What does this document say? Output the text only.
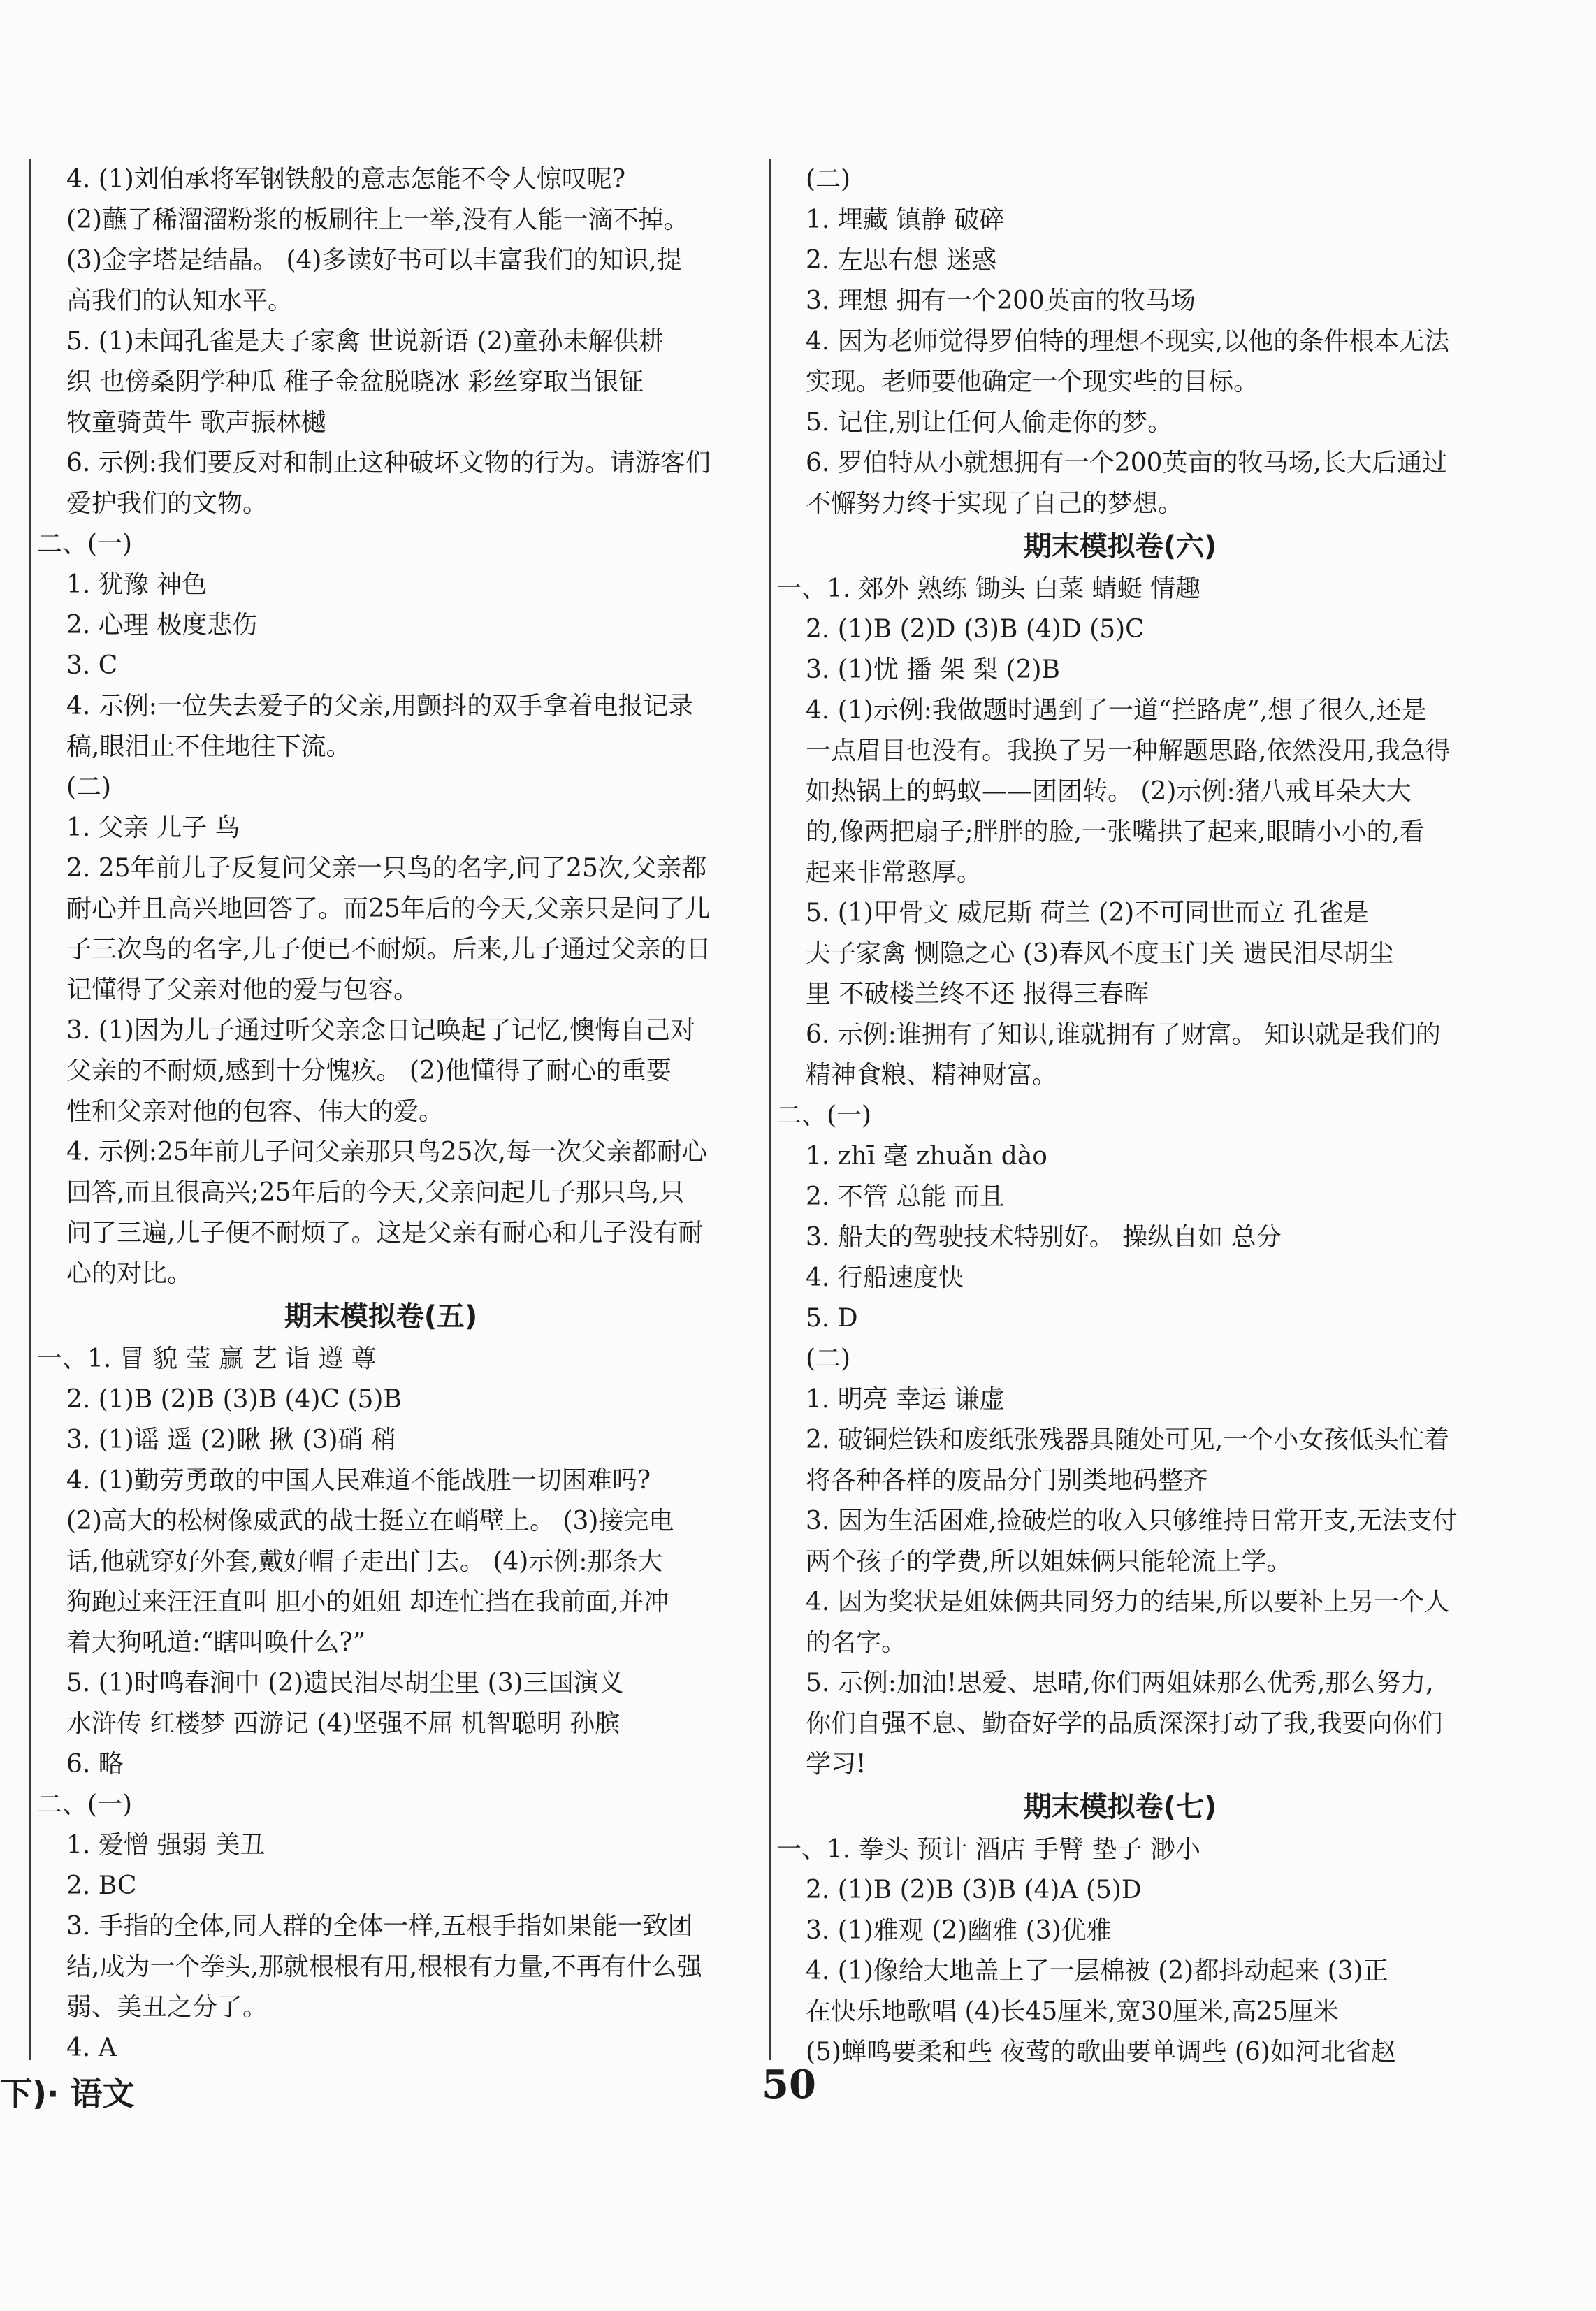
4. (1)刘伯承将军钢铁般的意志怎能不令人惊叹呢?
(2)蘸了稀溜溜粉浆的板刷往上一举,没有人能一滴不掉。
(3)金字塔是结晶。 (4)多读好书可以丰富我们的知识,提
高我们的认知水平。
5. (1)未闻孔雀是夫子家禽 世说新语 (2)童孙未解供耕
织 也傍桑阴学种瓜 稚子金盆脱晓冰 彩丝穿取当银钲
牧童骑黄牛 歌声振林樾
6. 示例:我们要反对和制止这种破坏文物的行为。请游客们
爱护我们的文物。
二、(一)
1. 犹豫 神色
2. 心理 极度悲伤
3. C
4. 示例:一位失去爱子的父亲,用颤抖的双手拿着电报记录
稿,眼泪止不住地往下流。
(二)
1. 父亲 儿子 鸟
2. 25年前儿子反复问父亲一只鸟的名字,问了25次,父亲都
耐心并且高兴地回答了。而25年后的今天,父亲只是问了儿
子三次鸟的名字,儿子便已不耐烦。后来,儿子通过父亲的日
记懂得了父亲对他的爱与包容。
3. (1)因为儿子通过听父亲念日记唤起了记忆,懊悔自己对
父亲的不耐烦,感到十分愧疚。 (2)他懂得了耐心的重要
性和父亲对他的包容、伟大的爱。
4. 示例:25年前儿子问父亲那只鸟25次,每一次父亲都耐心
回答,而且很高兴;25年后的今天,父亲问起儿子那只鸟,只
问了三遍,儿子便不耐烦了。这是父亲有耐心和儿子没有耐
心的对比。
期末模拟卷(五)
一、1. 冒 貌 莹 赢 艺 诣 遵 尊
2. (1)B (2)B (3)B (4)C (5)B
3. (1)谣 遥 (2)瞅 揪 (3)硝 稍
4. (1)勤劳勇敢的中国人民难道不能战胜一切困难吗?
(2)高大的松树像威武的战士挺立在峭壁上。 (3)接完电
话,他就穿好外套,戴好帽子走出门去。 (4)示例:那条大
狗跑过来汪汪直叫 胆小的姐姐 却连忙挡在我前面,并冲
着大狗吼道:“瞎叫唤什么?”
5. (1)时鸣春涧中 (2)遗民泪尽胡尘里 (3)三国演义
水浒传 红楼梦 西游记 (4)坚强不屈 机智聪明 孙膑
6. 略
二、(一)
1. 爱憎 强弱 美丑
2. BC
3. 手指的全体,同人群的全体一样,五根手指如果能一致团
结,成为一个拳头,那就根根有用,根根有力量,不再有什么强
弱、美丑之分了。
4. A
(二)
1. 埋藏 镇静 破碎
2. 左思右想 迷惑
3. 理想 拥有一个200英亩的牧马场
4. 因为老师觉得罗伯特的理想不现实,以他的条件根本无法
实现。老师要他确定一个现实些的目标。
5. 记住,别让任何人偷走你的梦。
6. 罗伯特从小就想拥有一个200英亩的牧马场,长大后通过
不懈努力终于实现了自己的梦想。
期末模拟卷(六)
一、1. 郊外 熟练 锄头 白菜 蜻蜓 情趣
2. (1)B (2)D (3)B (4)D (5)C
3. (1)忧 播 架 梨 (2)B
4. (1)示例:我做题时遇到了一道“拦路虎”,想了很久,还是
一点眉目也没有。我换了另一种解题思路,依然没用,我急得
如热锅上的蚂蚁——团团转。 (2)示例:猪八戒耳朵大大
的,像两把扇子;胖胖的脸,一张嘴拱了起来,眼睛小小的,看
起来非常憨厚。
5. (1)甲骨文 威尼斯 荷兰 (2)不可同世而立 孔雀是
夫子家禽 恻隐之心 (3)春风不度玉门关 遗民泪尽胡尘
里 不破楼兰终不还 报得三春晖
6. 示例:谁拥有了知识,谁就拥有了财富。 知识就是我们的
精神食粮、精神财富。
二、(一)
1. zhī 毫 zhuǎn dào
2. 不管 总能 而且
3. 船夫的驾驶技术特别好。 操纵自如 总分
4. 行船速度快
5. D
(二)
1. 明亮 幸运 谦虚
2. 破铜烂铁和废纸张残器具随处可见,一个小女孩低头忙着
将各种各样的废品分门别类地码整齐
3. 因为生活困难,捡破烂的收入只够维持日常开支,无法支付
两个孩子的学费,所以姐妹俩只能轮流上学。
4. 因为奖状是姐妹俩共同努力的结果,所以要补上另一个人
的名字。
5. 示例:加油!思爱、思晴,你们两姐妹那么优秀,那么努力,
你们自强不息、勤奋好学的品质深深打动了我,我要向你们
学习!
期末模拟卷(七)
一、1. 拳头 预计 酒店 手臂 垫子 渺小
2. (1)B (2)B (3)B (4)A (5)D
3. (1)雅观 (2)幽雅 (3)优雅
4. (1)像给大地盖上了一层棉被 (2)都抖动起来 (3)正
在快乐地歌唱 (4)长45厘米,宽30厘米,高25厘米
(5)蝉鸣要柔和些 夜莺的歌曲要单调些 (6)如河北省赵
下)· 语文	50
